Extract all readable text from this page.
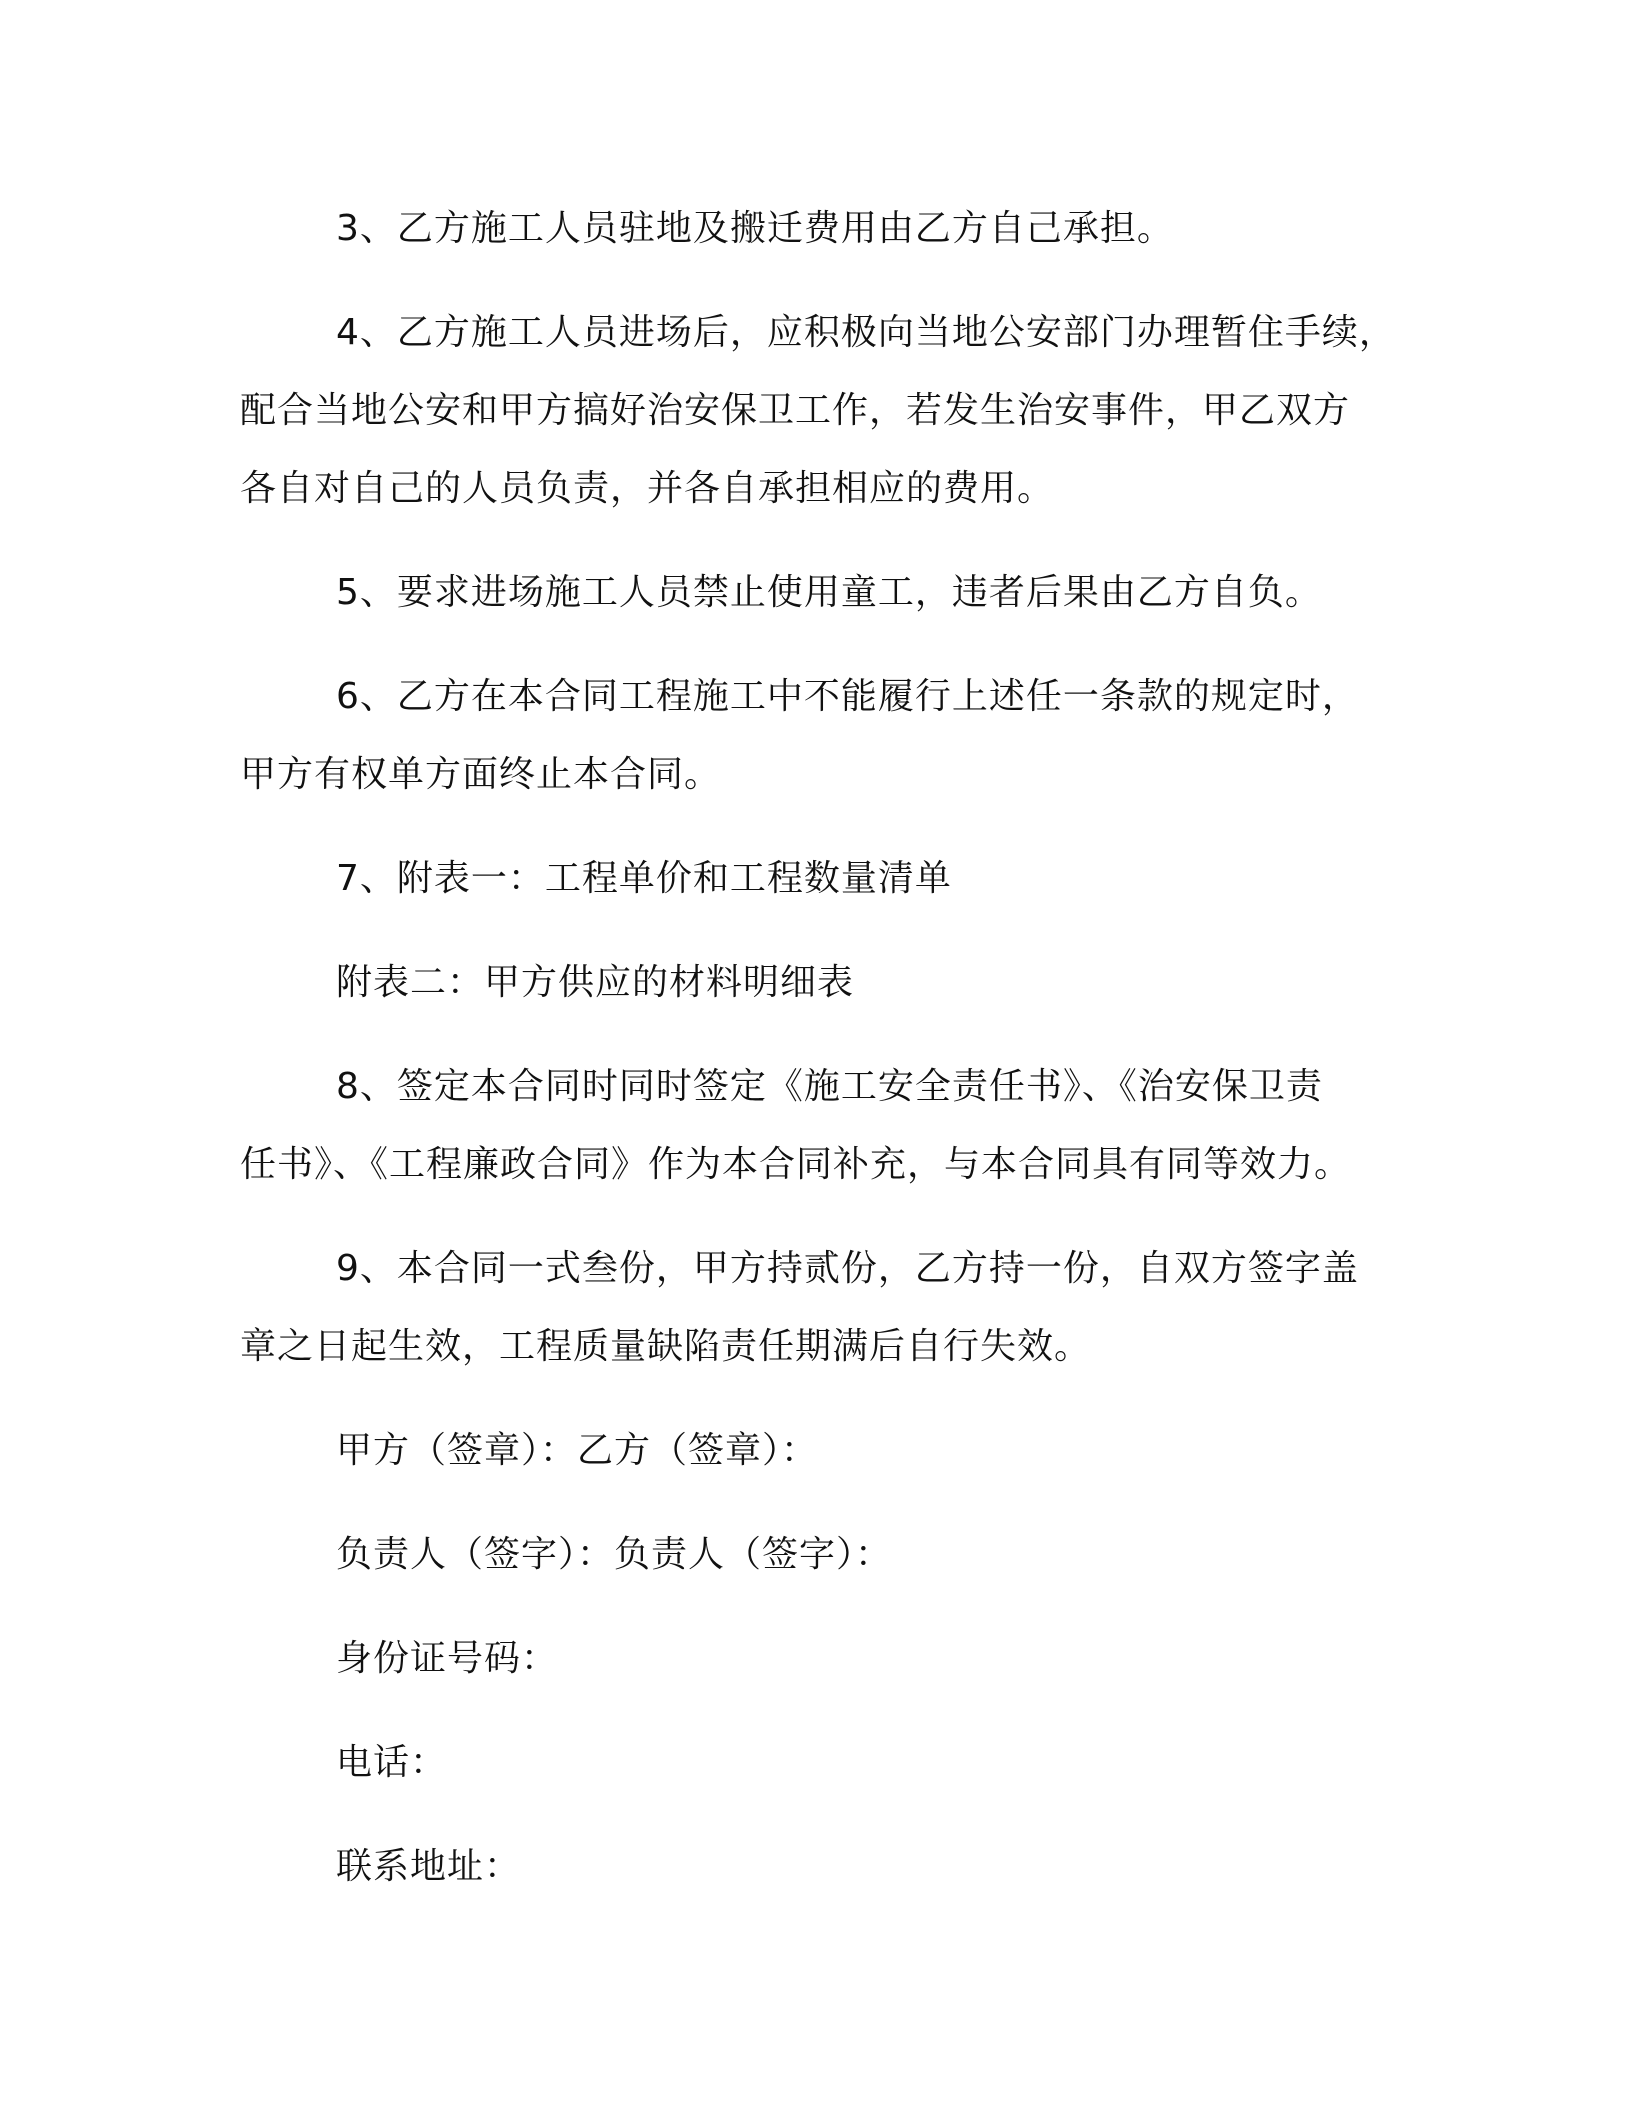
3、乙方施工人员驻地及搬迁费用由乙方自己承担。

4、乙方施工人员进场后，应积极向当地公安部门办理暂住手续，
配合当地公安和甲方搞好治安保卫工作，若发生治安事件，甲乙双方
各自对自己的人员负责，并各自承担相应的费用。

5、要求进场施工人员禁止使用童工，违者后果由乙方自负。

6、乙方在本合同工程施工中不能履行上述任一条款的规定时，
甲方有权单方面终止本合同。

7、附表一：工程单价和工程数量清单

附表二：甲方供应的材料明细表

8、签定本合同时同时签定《施工安全责任书》、《治安保卫责
任书》、《工程廉政合同》作为本合同补充，与本合同具有同等效力。

9、本合同一式叁份，甲方持贰份，乙方持一份，自双方签字盖
章之日起生效，工程质量缺陷责任期满后自行失效。

甲方（签章）：乙方（签章）：

负责人（签字）：负责人（签字）：

身份证号码：

电话：

联系地址：
